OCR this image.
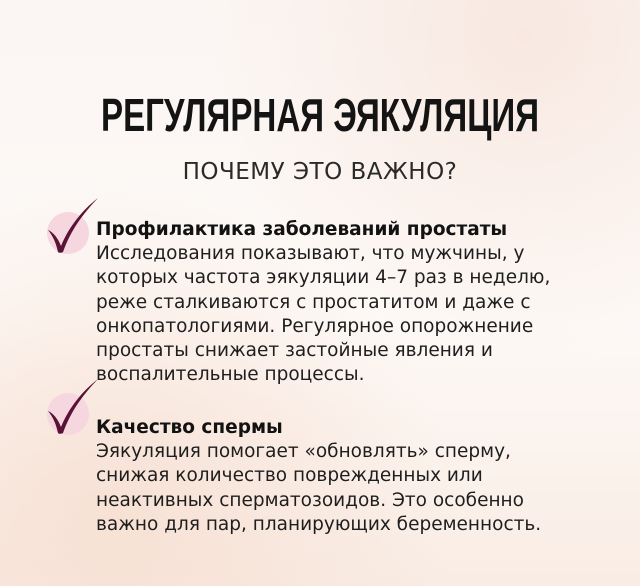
РЕГУЛЯРНАЯ ЭЯКУЛЯЦИЯ
ПОЧЕМУ ЭТО ВАЖНО?
Профилактика заболеваний простаты
Исследования показывают, что мужчины, у
которых частота эякуляции 4–7 раз в неделю,
реже сталкиваются с простатитом и даже с
онкопатологиями. Регулярное опорожнение
простаты снижает застойные явления и
воспалительные процессы.
Качество спермы
Эякуляция помогает «обновлять» сперму,
снижая количество поврежденных или
неактивных сперматозоидов. Это особенно
важно для пар, планирующих беременность.
